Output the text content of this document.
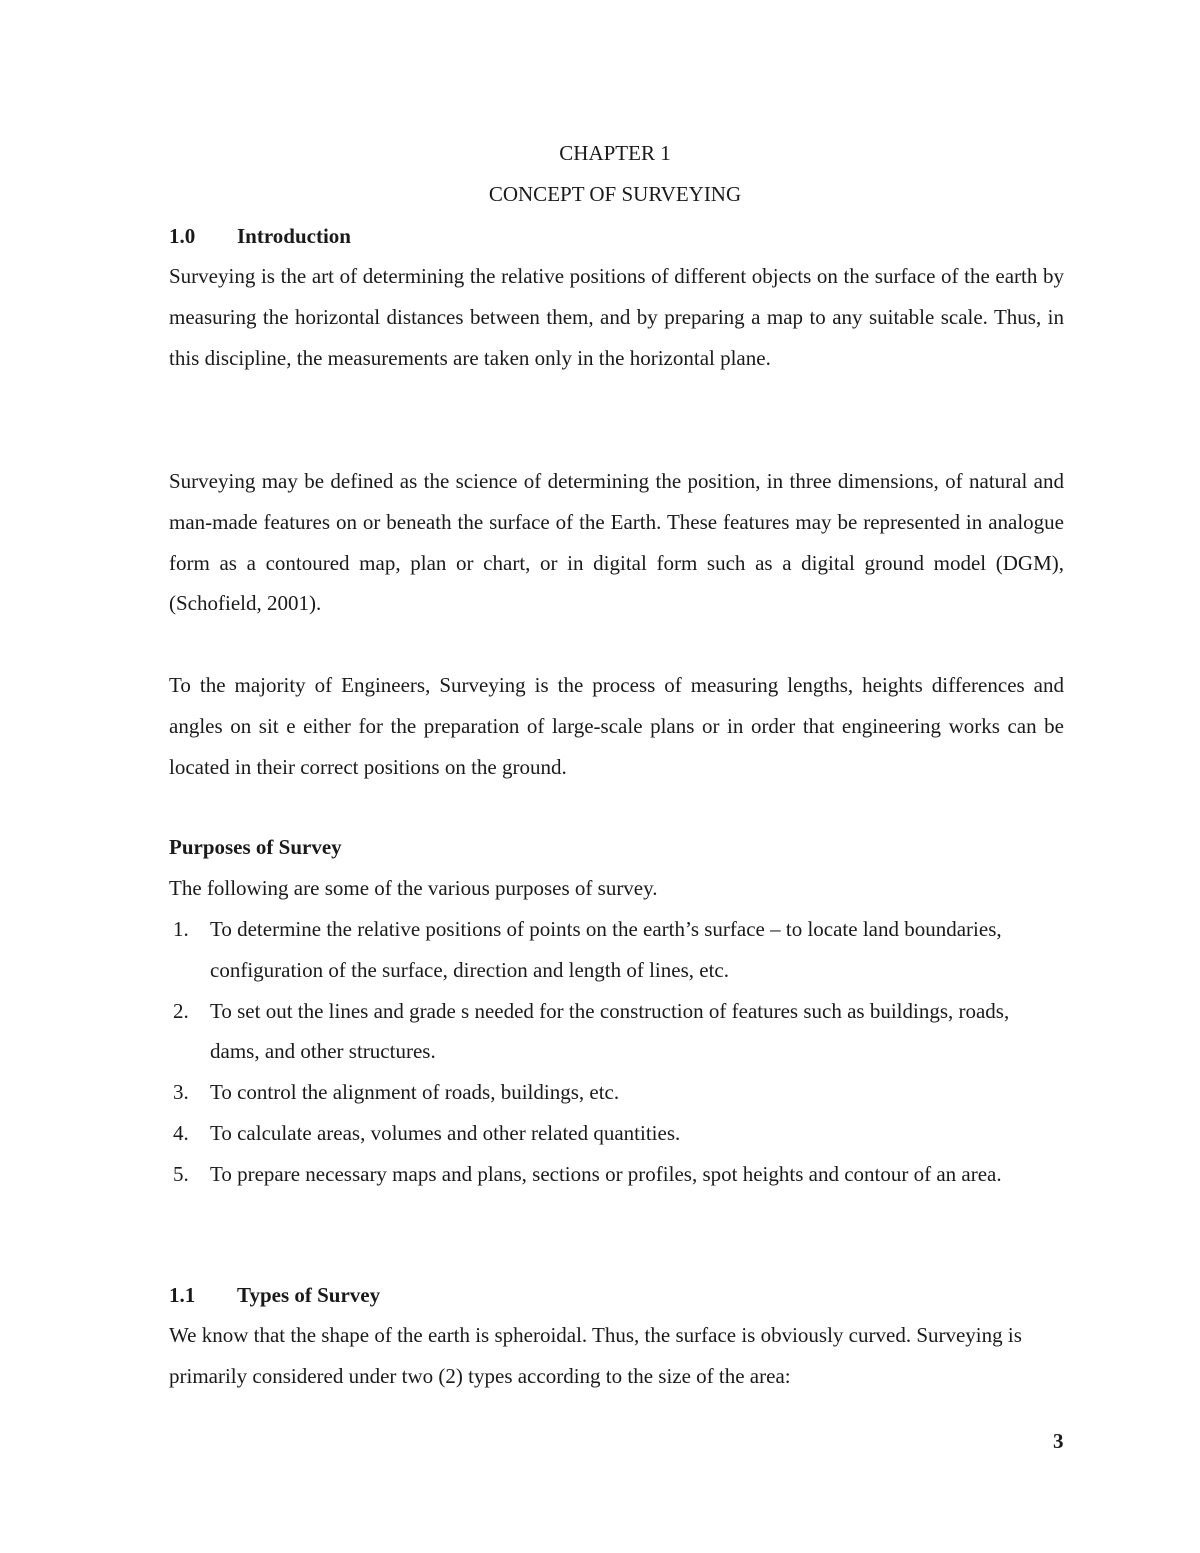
CHAPTER 1
CONCEPT OF SURVEYING
1.0 Introduction

Surveying is the art of determining the relative positions of different objects on the surface of the earth by measuring the horizontal distances between them, and by preparing a map to any suitable scale. Thus, in this discipline, the measurements are taken only in the horizontal plane.

Surveying may be defined as the science of determining the position, in three dimensions, of natural and man-made features on or beneath the surface of the Earth. These features may be represented in analogue form as a contoured map, plan or chart, or in digital form such as a digital ground model (DGM), (Schofield, 2001).

To the majority of Engineers, Surveying is the process of measuring lengths, heights differences and angles on sit e either for the preparation of large-scale plans or in order that engineering works can be located in their correct positions on the ground.

Purposes of Survey

The following are some of the various purposes of survey.

1. To determine the relative positions of points on the earth’s surface – to locate land boundaries, configuration of the surface, direction and length of lines, etc.
2. To set out the lines and grade s needed for the construction of features such as buildings, roads, dams, and other structures.
3. To control the alignment of roads, buildings, etc.
4. To calculate areas, volumes and other related quantities.
5. To prepare necessary maps and plans, sections or profiles, spot heights and contour of an area.
1.1 Types of Survey

We know that the shape of the earth is spheroidal. Thus, the surface is obviously curved. Surveying is primarily considered under two (2) types according to the size of the area:

3
